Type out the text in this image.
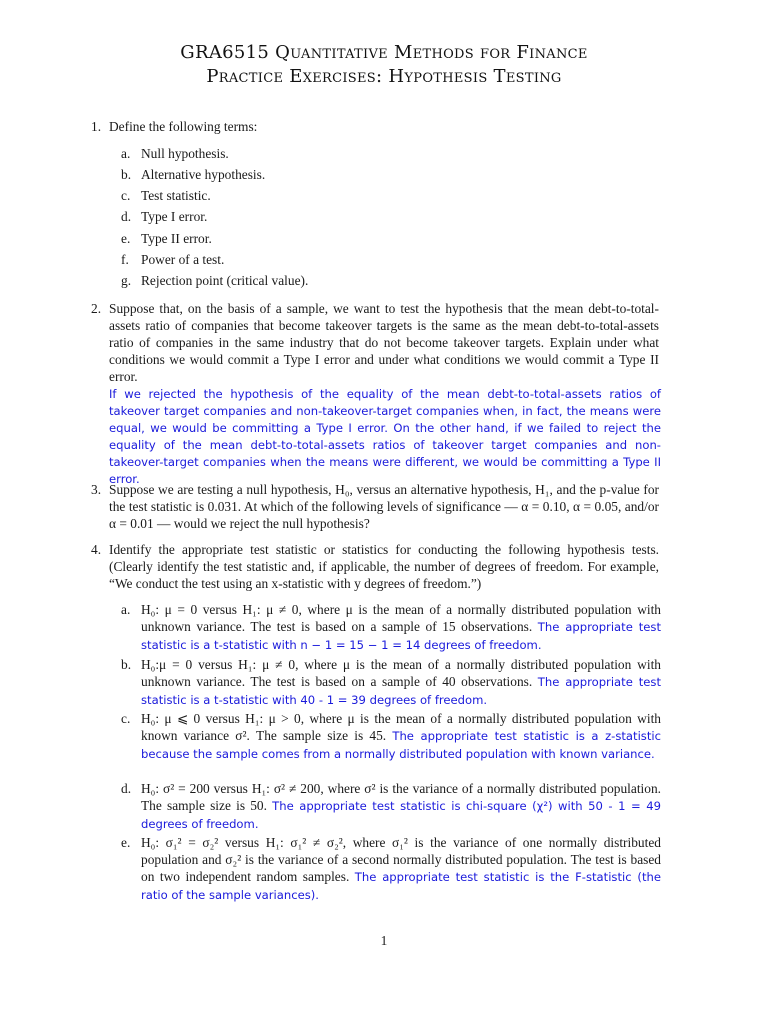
GRA6515 Quantitative Methods for Finance
Practice Exercises: Hypothesis Testing
1. Define the following terms:
a. Null hypothesis.
b. Alternative hypothesis.
c. Test statistic.
d. Type I error.
e. Type II error.
f. Power of a test.
g. Rejection point (critical value).
2. Suppose that, on the basis of a sample, we want to test the hypothesis that the mean debt-to-total-assets ratio of companies that become takeover targets is the same as the mean debt-to-total-assets ratio of companies in the same industry that do not become takeover targets. Explain under what conditions we would commit a Type I error and under what conditions we would commit a Type II error.
If we rejected the hypothesis of the equality of the mean debt-to-total-assets ratios of takeover target companies and non-takeover-target companies when, in fact, the means were equal, we would be committing a Type I error. On the other hand, if we failed to reject the equality of the mean debt-to-total-assets ratios of takeover target companies and non-takeover-target companies when the means were different, we would be committing a Type II error.
3. Suppose we are testing a null hypothesis, H₀, versus an alternative hypothesis, H₁, and the p-value for the test statistic is 0.031. At which of the following levels of significance — α = 0.10, α = 0.05, and/or α = 0.01 — would we reject the null hypothesis?
4. Identify the appropriate test statistic or statistics for conducting the following hypothesis tests. (Clearly identify the test statistic and, if applicable, the number of degrees of freedom. For example, “We conduct the test using an x-statistic with y degrees of freedom.”)
a. H₀: μ = 0 versus H₁: μ ≠ 0, where μ is the mean of a normally distributed population with unknown variance. The test is based on a sample of 15 observations. The appropriate test statistic is a t-statistic with n − 1 = 15 − 1 = 14 degrees of freedom.
b. H₀:μ = 0 versus H₁: μ ≠ 0, where μ is the mean of a normally distributed population with unknown variance. The test is based on a sample of 40 observations. The appropriate test statistic is a t-statistic with 40 - 1 = 39 degrees of freedom.
c. H₀: μ ⩽ 0 versus H₁: μ > 0, where μ is the mean of a normally distributed population with known variance σ². The sample size is 45. The appropriate test statistic is a z-statistic because the sample comes from a normally distributed population with known variance.
d. H₀: σ² = 200 versus H₁: σ² ≠ 200, where σ² is the variance of a normally distributed population. The sample size is 50. The appropriate test statistic is chi-square (χ²) with 50 - 1 = 49 degrees of freedom.
e. H₀: σ₁² = σ₂² versus H₁: σ₁² ≠ σ₂², where σ₁² is the variance of one normally distributed population and σ₂² is the variance of a second normally distributed population. The test is based on two independent random samples. The appropriate test statistic is the F-statistic (the ratio of the sample variances).
1
